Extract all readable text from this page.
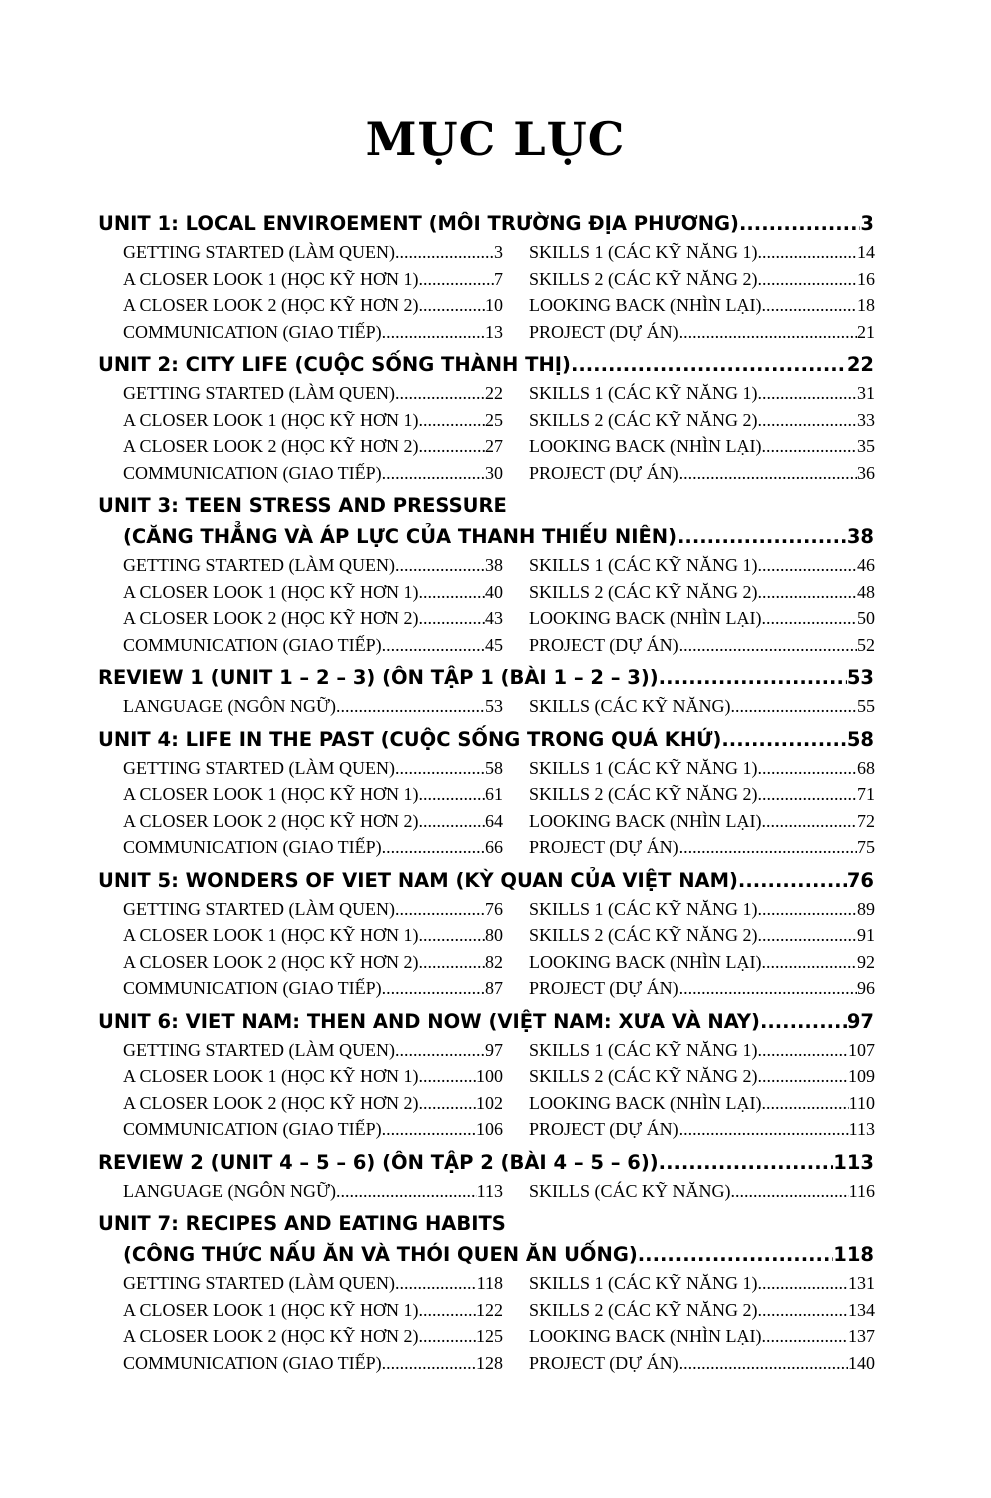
MỤC LỤC
UNIT 1: LOCAL ENVIROEMENT (MÔI TRƯỜNG ĐỊA PHƯƠNG) .....	3
GETTING STARTED (LÀM QUEN) .....	3 SKILLS 1 (CÁC KỸ NĂNG 1) .....	14
A CLOSER LOOK 1 (HỌC KỸ HƠN 1) .....	7 SKILLS 2 (CÁC KỸ NĂNG 2) .....	16
A CLOSER LOOK 2 (HỌC KỸ HƠN 2) .....	10 LOOKING BACK (NHÌN LẠI) .....	18
COMMUNICATION (GIAO TIẾP) .....	13 PROJECT (DỰ ÁN) .....	21
UNIT 2: CITY LIFE (CUỘC SỐNG THÀNH THỊ) .....	22
GETTING STARTED (LÀM QUEN) .....	22 SKILLS 1 (CÁC KỸ NĂNG 1) .....	31
A CLOSER LOOK 1 (HỌC KỸ HƠN 1) .....	25 SKILLS 2 (CÁC KỸ NĂNG 2) .....	33
A CLOSER LOOK 2 (HỌC KỸ HƠN 2) .....	27 LOOKING BACK (NHÌN LẠI) .....	35
COMMUNICATION (GIAO TIẾP) .....	30 PROJECT (DỰ ÁN) .....	36
UNIT 3: TEEN STRESS AND PRESSURE
(CĂNG THẲNG VÀ ÁP LỰC CỦA THANH THIẾU NIÊN) .....	38
GETTING STARTED (LÀM QUEN) .....	38 SKILLS 1 (CÁC KỸ NĂNG 1) .....	46
A CLOSER LOOK 1 (HỌC KỸ HƠN 1) .....	40 SKILLS 2 (CÁC KỸ NĂNG 2) .....	48
A CLOSER LOOK 2 (HỌC KỸ HƠN 2) .....	43 LOOKING BACK (NHÌN LẠI) .....	50
COMMUNICATION (GIAO TIẾP) .....	45 PROJECT (DỰ ÁN) .....	52
REVIEW 1 (UNIT 1 – 2 – 3) (ÔN TẬP 1 (BÀI 1 – 2 – 3)) .....	53
LANGUAGE (NGÔN NGỮ) .....	53 SKILLS (CÁC KỸ NĂNG) .....	55
UNIT 4: LIFE IN THE PAST (CUỘC SỐNG TRONG QUÁ KHỨ) .....	58
GETTING STARTED (LÀM QUEN) .....	58 SKILLS 1 (CÁC KỸ NĂNG 1) .....	68
A CLOSER LOOK 1 (HỌC KỸ HƠN 1) .....	61 SKILLS 2 (CÁC KỸ NĂNG 2) .....	71
A CLOSER LOOK 2 (HỌC KỸ HƠN 2) .....	64 LOOKING BACK (NHÌN LẠI) .....	72
COMMUNICATION (GIAO TIẾP) .....	66 PROJECT (DỰ ÁN) .....	75
UNIT 5: WONDERS OF VIET NAM (KỲ QUAN CỦA VIỆT NAM) .....	76
GETTING STARTED (LÀM QUEN) .....	76 SKILLS 1 (CÁC KỸ NĂNG 1) .....	89
A CLOSER LOOK 1 (HỌC KỸ HƠN 1) .....	80 SKILLS 2 (CÁC KỸ NĂNG 2) .....	91
A CLOSER LOOK 2 (HỌC KỸ HƠN 2) .....	82 LOOKING BACK (NHÌN LẠI) .....	92
COMMUNICATION (GIAO TIẾP) .....	87 PROJECT (DỰ ÁN) .....	96
UNIT 6: VIET NAM: THEN AND NOW (VIỆT NAM: XƯA VÀ NAY) .....	97
GETTING STARTED (LÀM QUEN) .....	97 SKILLS 1 (CÁC KỸ NĂNG 1) .....	107
A CLOSER LOOK 1 (HỌC KỸ HƠN 1) .....	100 SKILLS 2 (CÁC KỸ NĂNG 2) .....	109
A CLOSER LOOK 2 (HỌC KỸ HƠN 2) .....	102 LOOKING BACK (NHÌN LẠI) .....	110
COMMUNICATION (GIAO TIẾP) .....	106 PROJECT (DỰ ÁN) .....	113
REVIEW 2 (UNIT 4 – 5 – 6) (ÔN TẬP 2 (BÀI 4 – 5 – 6)) .....	113
LANGUAGE (NGÔN NGỮ) .....	113 SKILLS (CÁC KỸ NĂNG) .....	116
UNIT 7: RECIPES AND EATING HABITS
(CÔNG THỨC NẤU ĂN VÀ THÓI QUEN ĂN UỐNG) .....	118
GETTING STARTED (LÀM QUEN) .....	118 SKILLS 1 (CÁC KỸ NĂNG 1) .....	131
A CLOSER LOOK 1 (HỌC KỸ HƠN 1) .....	122 SKILLS 2 (CÁC KỸ NĂNG 2) .....	134
A CLOSER LOOK 2 (HỌC KỸ HƠN 2) .....	125 LOOKING BACK (NHÌN LẠI) .....	137
COMMUNICATION (GIAO TIẾP) .....	128 PROJECT (DỰ ÁN) .....	140
